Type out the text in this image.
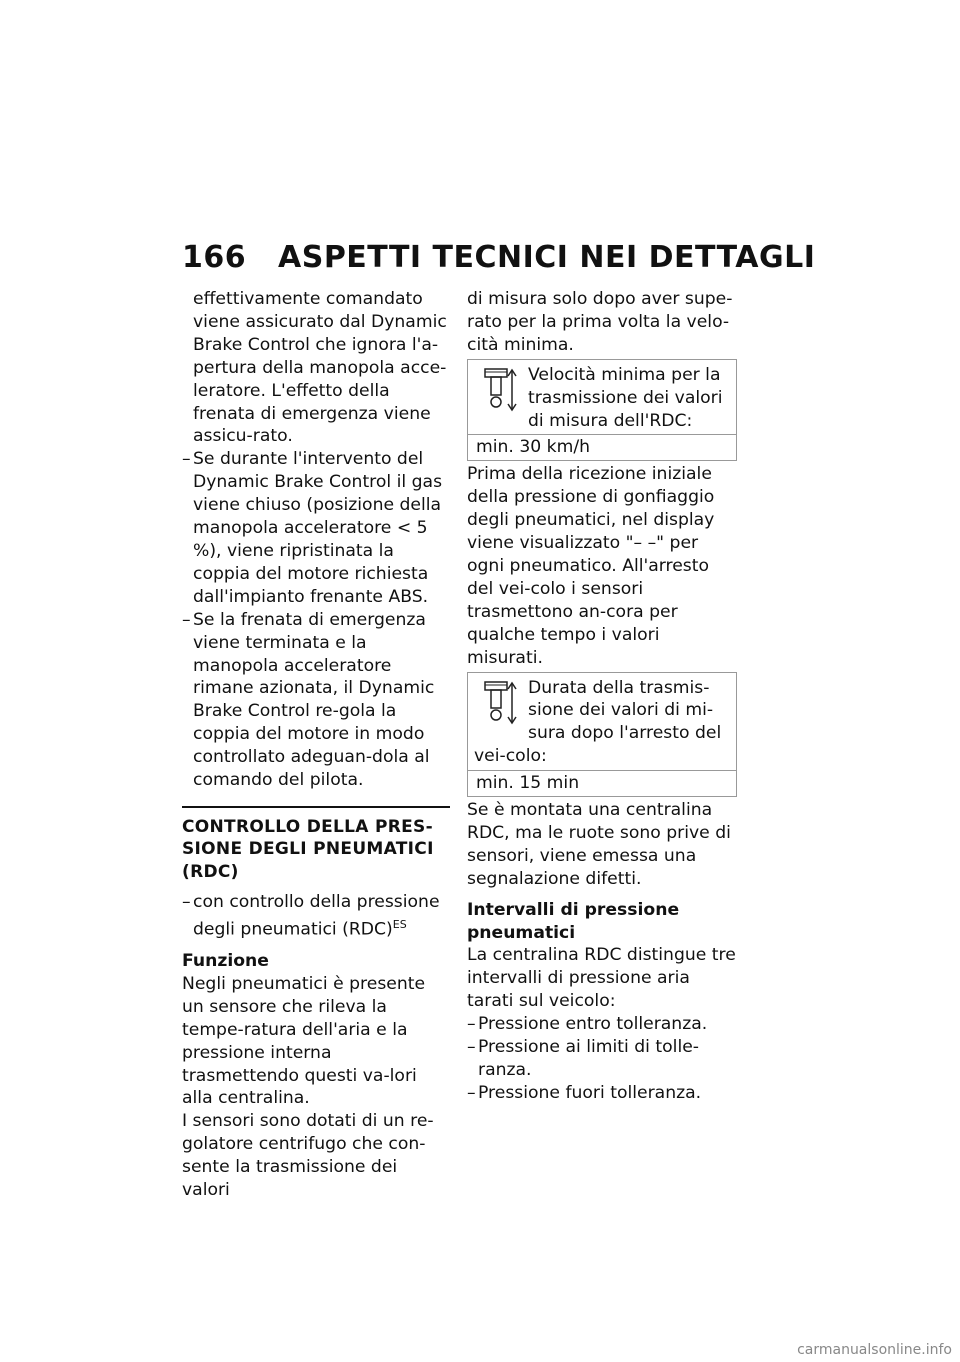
166 ASPETTI TECNICI NEI DETTAGLI

effettivamente comandato viene assicurato dal Dynamic Brake Control che ignora l'a-pertura della manopola acce-leratore. L'effetto della frenata di emergenza viene assicu-rato.

– Se durante l'intervento del Dynamic Brake Control il gas viene chiuso (posizione della manopola acceleratore < 5 %), viene ripristinata la coppia del motore richiesta dall'impianto frenante ABS.

– Se la frenata di emergenza viene terminata e la manopola acceleratore rimane azionata, il Dynamic Brake Control re-gola la coppia del motore in modo controllato adeguan-dola al comando del pilota.

CONTROLLO DELLA PRES-SIONE DEGLI PNEUMATICI (RDC)

– con controllo della pressione degli pneumatici (RDC)$^{ES}$

Funzione

Negli pneumatici è presente un sensore che rileva la tempe-ratura dell'aria e la pressione interna trasmettendo questi va-lori alla centralina.

I sensori sono dotati di un re-golatore centrifugo che con-sente la trasmissione dei valori

di misura solo dopo aver supe-rato per la prima volta la velo-cità minima.

Velocità minima per la trasmissione dei valori di misura dell'RDC:
min. 30 km/h

Prima della ricezione iniziale della pressione di gonfiaggio degli pneumatici, nel display viene visualizzato "– –" per ogni pneumatico. All'arresto del vei-colo i sensori trasmettono an-cora per qualche tempo i valori misurati.

Durata della trasmis-sione dei valori di mi-sura dopo l'arresto del vei-colo:
min. 15 min

Se è montata una centralina RDC, ma le ruote sono prive di sensori, viene emessa una segnalazione difetti.

Intervalli di pressione pneumatici

La centralina RDC distingue tre intervalli di pressione aria tarati sul veicolo:

– Pressione entro tolleranza.

– Pressione ai limiti di tolle-ranza.

– Pressione fuori tolleranza.

carmanualsonline.info
